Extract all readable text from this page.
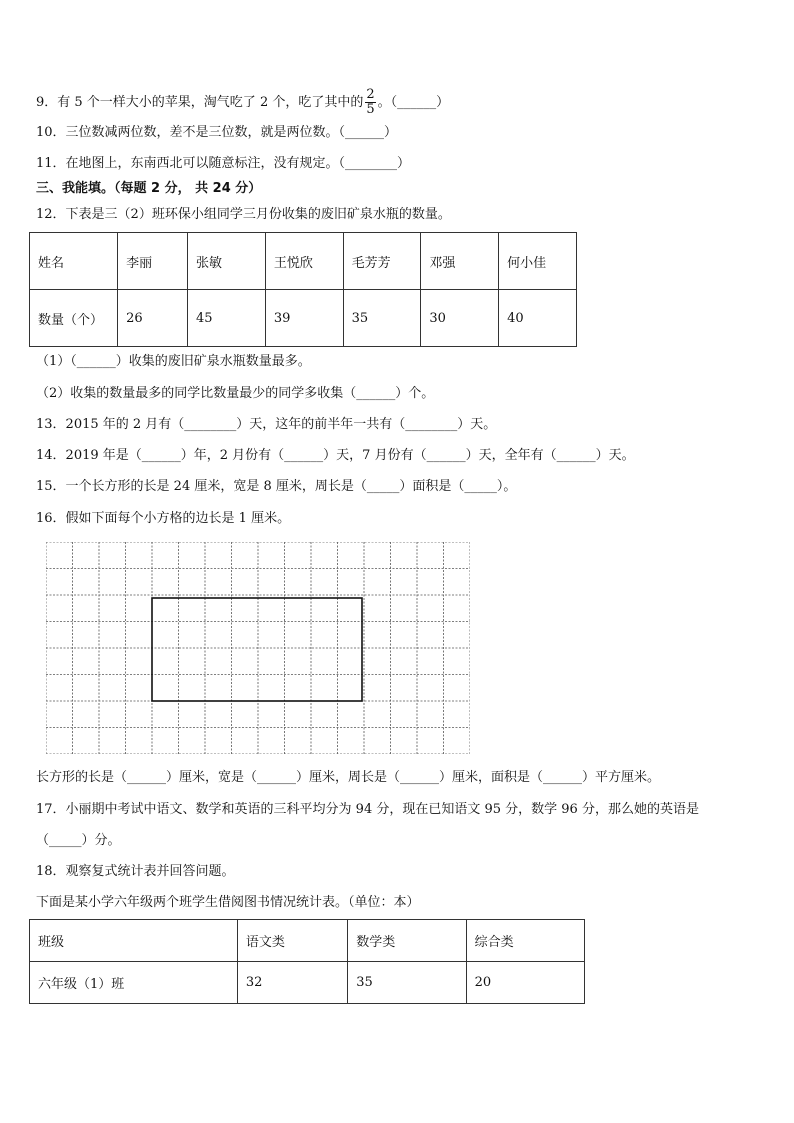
9．有 5 个一样大小的苹果，淘气吃了 2 个，吃了其中的 $\frac{2}{5}$ 。（______）
10．三位数减两位数，差不是三位数，就是两位数。（______）
11．在地图上，东南西北可以随意标注，没有规定。（________）
三、我能填。（每题 2 分， 共 24 分）
12．下表是三（2）班环保小组同学三月份收集的废旧矿泉水瓶的数量。
姓名	李丽	张敏	王悦欣	毛芳芳	邓强	何小佳
数量（个）	26	45	39	35	30	40
（1）（______）收集的废旧矿泉水瓶数量最多。
（2）收集的数量最多的同学比数量最少的同学多收集（______）个。
13．2015 年的 2 月有（________）天，这年的前半年一共有（________）天。
14．2019 年是（______）年，2 月份有（______）天，7 月份有（______）天，全年有（______）天。
15．一个长方形的长是 24 厘米，宽是 8 厘米，周长是（_____）面积是（_____）。
16．假如下面每个小方格的边长是 1 厘米。
长方形的长是（______）厘米，宽是（______）厘米，周长是（______）厘米，面积是（______）平方厘米。
17．小丽期中考试中语文、数学和英语的三科平均分为 94 分，现在已知语文 95 分，数学 96 分，那么她的英语是
（_____）分。
18．观察复式统计表并回答问题。
下面是某小学六年级两个班学生借阅图书情况统计表。（单位：本）
班级	语文类	数学类	综合类
六年级（1）班	32	35	20
